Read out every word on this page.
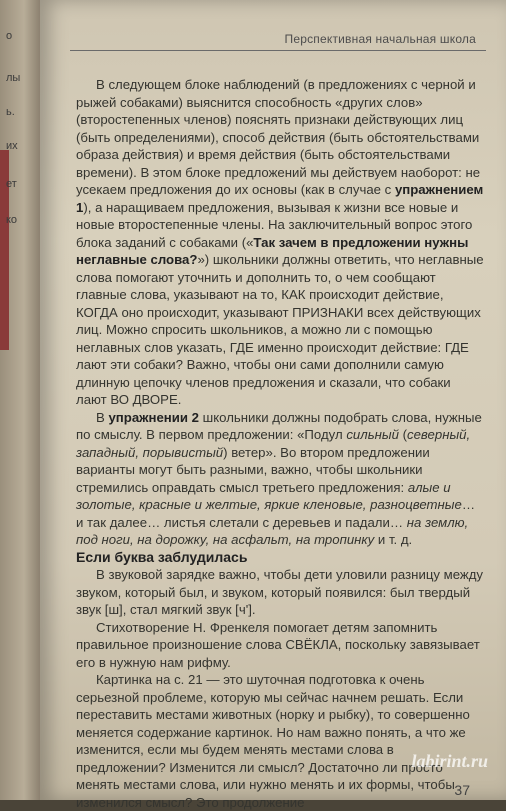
о
лы
ь.
их
ет
ко
Перспективная начальная школа

В следующем блоке наблюдений (в предложениях с черной и рыжей собаками) выяснится способность «других слов» (второстепенных членов) пояснять признаки действующих лиц (быть определениями), способ действия (быть обстоятельствами образа действия) и время действия (быть обстоятельствами времени). В этом блоке предложений мы действуем наоборот: не усекаем предложения до их основы (как в случае с упражнением 1), а наращиваем предложения, вызывая к жизни все новые и новые второстепенные члены. На заключительный вопрос этого блока заданий с собаками («Так зачем в предложении нужны неглавные слова?») школьники должны ответить, что неглавные слова помогают уточнить и дополнить то, о чем сообщают главные слова, указывают на то, КАК происходит действие, КОГДА оно происходит, указывают ПРИЗНАКИ всех действующих лиц. Можно спросить школьников, а можно ли с помощью неглавных слов указать, ГДЕ именно происходит действие: ГДЕ лают эти собаки? Важно, чтобы они сами дополнили самую длинную цепочку членов предложения и сказали, что собаки лают ВО ДВОРЕ.

В упражнении 2 школьники должны подобрать слова, нужные по смыслу. В первом предложении: «Подул сильный (северный, западный, порывистый) ветер». Во втором предложении варианты могут быть разными, важно, чтобы школьники стремились оправдать смысл третьего предложения: алые и золотые, красные и желтые, яркие кленовые, разноцветные… и так далее… листья слетали с деревьев и падали… на землю, под ноги, на дорожку, на асфальт, на тропинку и т. д.

Если буква заблудилась

В звуковой зарядке важно, чтобы дети уловили разницу между звуком, который был, и звуком, который появился: был твердый звук [ш], стал мягкий звук [ч'].

Стихотворение Н. Френкеля помогает детям запомнить правильное произношение слова СВЁКЛА, поскольку завязывает его в нужную нам рифму.

Картинка на с. 21 — это шуточная подготовка к очень серьезной проблеме, которую мы сейчас начнем решать. Если переставить местами животных (норку и рыбку), то совершенно меняется содержание картинок. Но нам важно понять, а что же изменится, если мы будем менять местами слова в предложении? Изменится ли смысл? Достаточно ли просто менять местами слова, или нужно менять и их формы, чтобы изменился смысл? Это продолжение

labirint.ru
37
